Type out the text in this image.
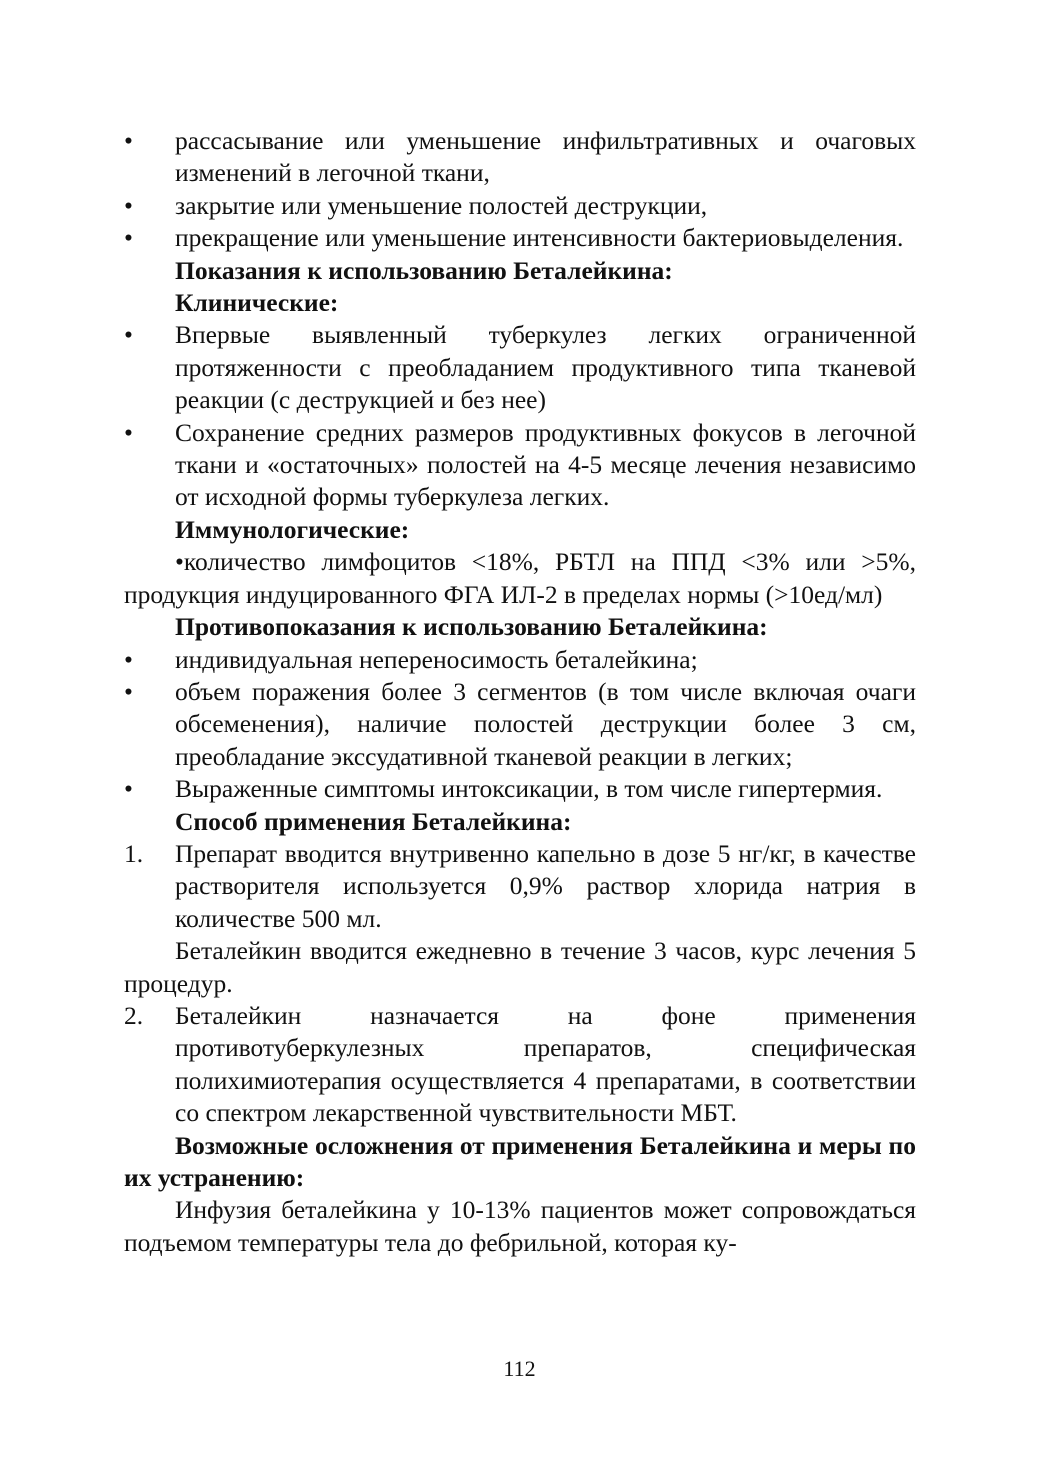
•	рассасывание или уменьшение инфильтративных и очаговых изменений в легочной ткани,
•	закрытие или уменьшение полостей деструкции,
•	прекращение или уменьшение интенсивности бактериовыделения.
Показания к использованию Беталейкина:
Клинические:
•	Впервые выявленный туберкулез легких ограниченной протяженности с преобладанием продуктивного типа тканевой реакции (с деструкцией и без нее)
•	Сохранение средних размеров продуктивных фокусов в легочной ткани и «остаточных» полостей на 4-5 месяце лечения независимо от исходной формы туберкулеза легких.
Иммунологические:
•количество лимфоцитов <18%, РБТЛ на ППД <3% или >5%, продукция индуцированного ФГА ИЛ-2 в пределах нормы (>10ед/мл)
Противопоказания к использованию Беталейкина:
•	индивидуальная непереносимость беталейкина;
•	объем поражения более 3 сегментов (в том числе включая очаги обсеменения), наличие полостей деструкции более 3 см, преобладание экссудативной тканевой реакции в легких;
•	Выраженные симптомы интоксикации, в том числе гипертермия.
Способ применения Беталейкина:
1.	Препарат вводится внутривенно капельно в дозе 5 нг/кг, в качестве растворителя используется 0,9% раствор хлорида натрия в количестве 500 мл.
Беталейкин вводится ежедневно в течение 3 часов, курс лечения 5 процедур.
2.	Беталейкин назначается на фоне применения противотуберкулезных препаратов, специфическая полихимиотерапия осуществляется 4 препаратами, в соответствии со спектром лекарственной чувствительности МБТ.
Возможные осложнения от применения Беталейкина и меры по их устранению:
Инфузия беталейкина у 10-13% пациентов может сопровождаться подъемом температуры тела до фебрильной, которая ку-
112
